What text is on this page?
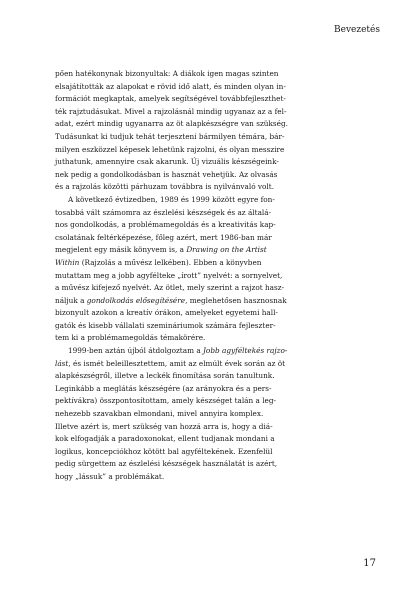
Bevezetés
pően hatékonynak bizonyultak: A diákok igen magas szinten
elsajátították az alapokat e rövid idő alatt, és minden olyan in-
formációt megkaptak, amelyek segítségével továbbfejleszthet-
ték rajztudásukat. Mivel a rajzolásnál mindig ugyanaz az a fel-
adat, ezért mindig ugyanarra az öt alapkészségre van szükség.
Tudásunkat ki tudjuk tehát terjeszteni bármilyen témára, bár-
milyen eszközzel képesek lehetünk rajzolni, és olyan messzire
juthatunk, amennyire csak akarunk. Új vizuális készségeink-
nek pedig a gondolkodásban is hasznát vehetjük. Az olvasás
és a rajzolás közötti párhuzam továbbra is nyilvánvaló volt.
A következő évtizedben, 1989 és 1999 között egyre fon-
tosabbá vált számomra az észlelési készségek és az általá-
nos gondolkodás, a problémamegoldás és a kreativitás kap-
csolatának feltérképezése, főleg azért, mert 1986-ban már
megjelent egy másik könyvem is, a Drawing on the Artist
Within (Rajzolás a művész lelkében). Ebben a könyvben
mutattam meg a jobb agyfélteke „írott” nyelvét: a sornyelvet,
a művész kifejező nyelvét. Az ötlet, mely szerint a rajzot hasz-
náljuk a gondolkodás elősegítésére, meglehetősen hasznosnak
bizonyult azokon a kreatív órákon, amelyeket egyetemi hall-
gatók és kisebb vállalati szemináriumok számára fejleszter-
tem ki a problémamegoldás témakörére.
1999-ben aztán újból átdolgoztam a Jobb agyféltekés rajzo-
lást, és ismét beleillesztettem, amit az elmúlt évek során az öt
alapkészségről, illetve a leckék finomítása során tanultunk.
Leginkább a meglátás készségére (az arányokra és a pers-
pektívákra) összpontosítottam, amely készséget talán a leg-
nehezebb szavakban elmondani, mivel annyira komplex.
Illetve azért is, mert szükség van hozzá arra is, hogy a diá-
kok elfogadják a paradoxonokat, ellent tudjanak mondani a
logikus, koncepciókhoz kötött bal agyféltekének. Ezenfelül
pedig sürgettem az észlelési készségek használatát is azért,
hogy „lássuk” a problémákat.
17
